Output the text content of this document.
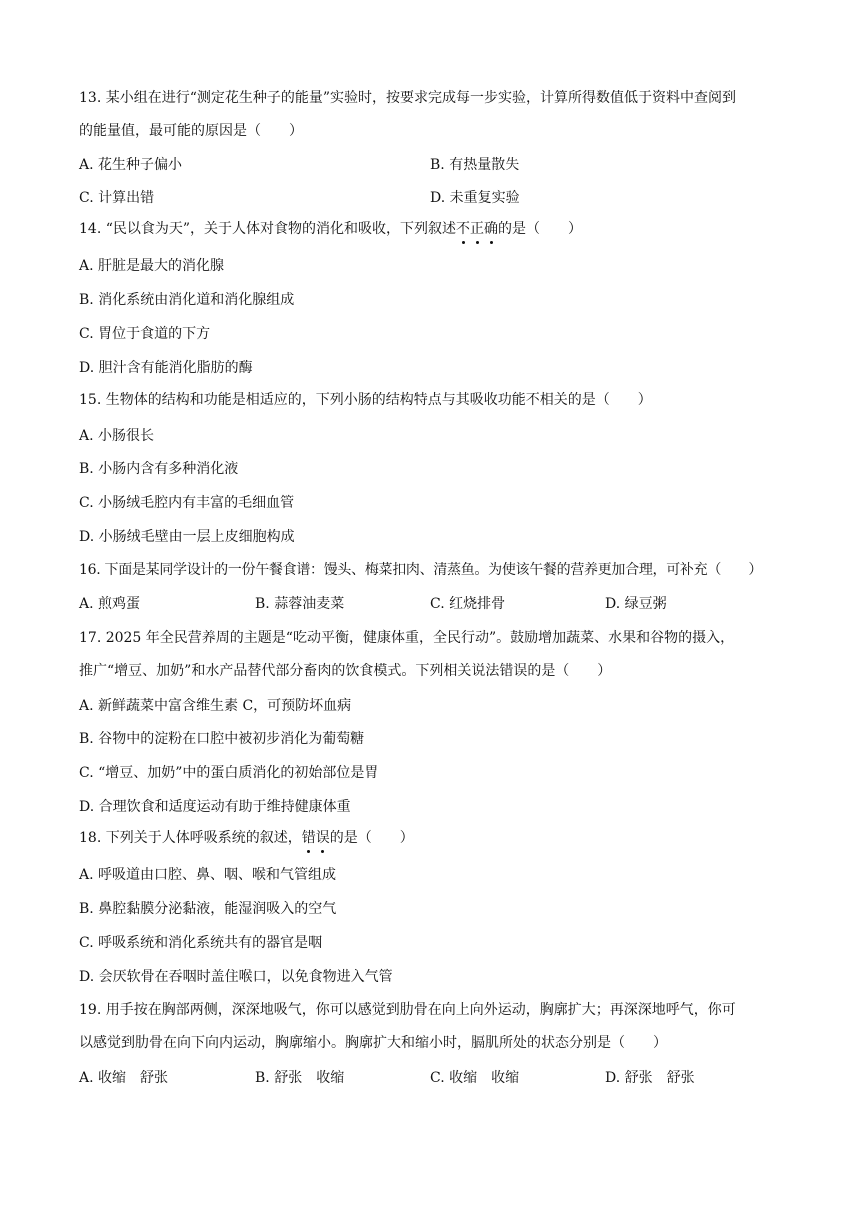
13. 某小组在进行“测定花生种子的能量”实验时，按要求完成每一步实验，计算所得数值低于资料中查阅到
的能量值，最可能的原因是（　　）
A. 花生种子偏小	B. 有热量散失
C. 计算出错	D. 未重复实验
14. “民以食为天”，关于人体对食物的消化和吸收，下列叙述不正确的是（　　）
A. 肝脏是最大的消化腺
B. 消化系统由消化道和消化腺组成
C. 胃位于食道的下方
D. 胆汁含有能消化脂肪的酶
15. 生物体的结构和功能是相适应的，下列小肠的结构特点与其吸收功能不相关的是（　　）
A. 小肠很长
B. 小肠内含有多种消化液
C. 小肠绒毛腔内有丰富的毛细血管
D. 小肠绒毛壁由一层上皮细胞构成
16. 下面是某同学设计的一份午餐食谱：馒头、梅菜扣肉、清蒸鱼。为使该午餐的营养更加合理，可补充（　　）
A. 煎鸡蛋	B. 蒜蓉油麦菜	C. 红烧排骨	D. 绿豆粥
17. 2025 年全民营养周的主题是“吃动平衡，健康体重，全民行动”。鼓励增加蔬菜、水果和谷物的摄入，
推广“增豆、加奶”和水产品替代部分畜肉的饮食模式。下列相关说法错误的是（　　）
A. 新鲜蔬菜中富含维生素 C，可预防坏血病
B. 谷物中的淀粉在口腔中被初步消化为葡萄糖
C. “增豆、加奶”中的蛋白质消化的初始部位是胃
D. 合理饮食和适度运动有助于维持健康体重
18. 下列关于人体呼吸系统的叙述，错误的是（　　）
A. 呼吸道由口腔、鼻、咽、喉和气管组成
B. 鼻腔黏膜分泌黏液，能湿润吸入的空气
C. 呼吸系统和消化系统共有的器官是咽
D. 会厌软骨在吞咽时盖住喉口，以免食物进入气管
19. 用手按在胸部两侧，深深地吸气，你可以感觉到肋骨在向上向外运动，胸廓扩大；再深深地呼气，你可
以感觉到肋骨在向下向内运动，胸廓缩小。胸廓扩大和缩小时，膈肌所处的状态分别是（　　）
A. 收缩　舒张	B. 舒张　收缩	C. 收缩　收缩	D. 舒张　舒张
